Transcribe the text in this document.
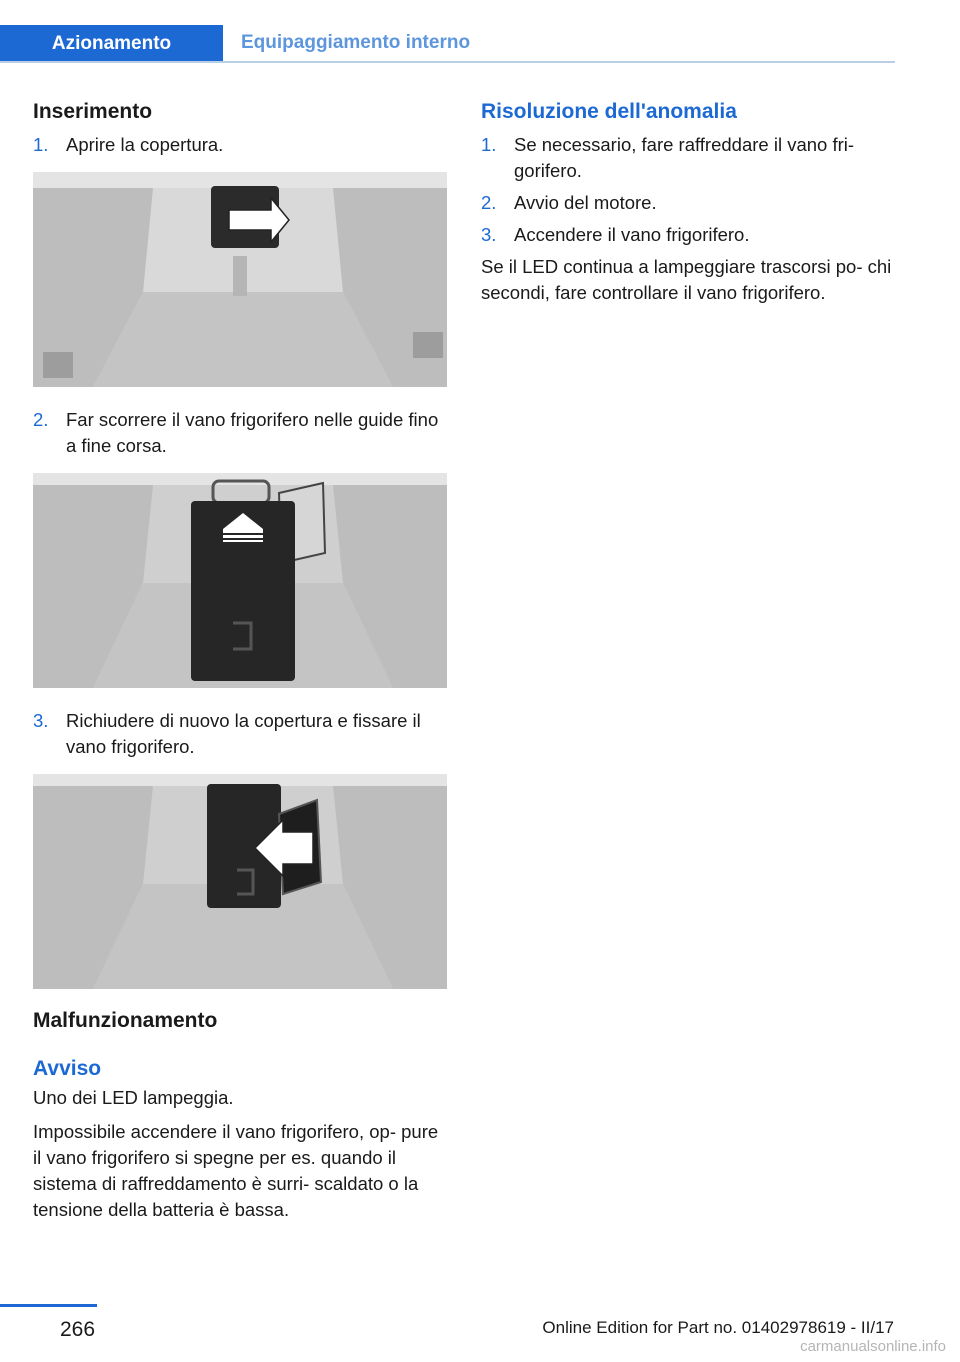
Azionamento	Equipaggiamento interno
Inserimento
1. Aprire la copertura.
2. Far scorrere il vano frigorifero nelle guide fino a fine corsa.
3. Richiudere di nuovo la copertura e fissare il vano frigorifero.
Malfunzionamento
Avviso

Uno dei LED lampeggia.

Impossibile accendere il vano frigorifero, op‐ pure il vano frigorifero si spegne per es. quando il sistema di raffreddamento è surri‐ scaldato o la tensione della batteria è bassa.

Risoluzione dell'anomalia
1. Se necessario, fare raffreddare il vano fri‐ gorifero.
2. Avvio del motore.
3. Accendere il vano frigorifero.

Se il LED continua a lampeggiare trascorsi po‐ chi secondi, fare controllare il vano frigorifero.

266	Online Edition for Part no. 01402978619 - II/17
carmanualsonline.info
